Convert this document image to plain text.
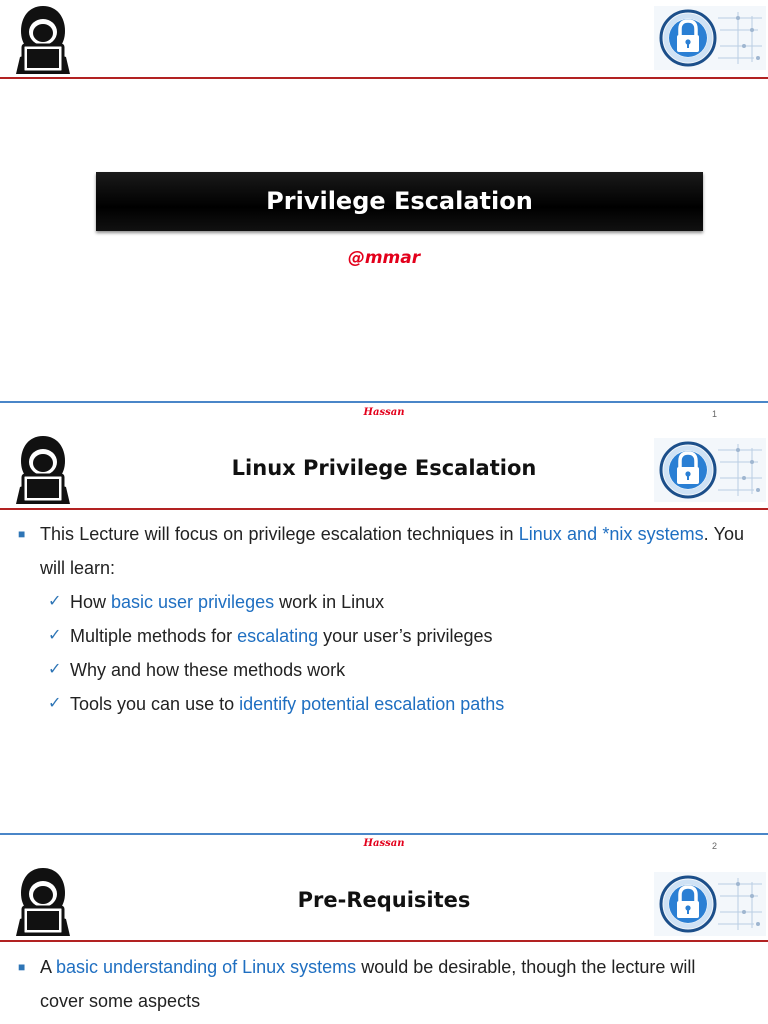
Privilege Escalation
@mmar
Hassan	1
Linux Privilege Escalation
■ This Lecture will focus on privilege escalation techniques in Linux and *nix systems. You will learn:
✓ How basic user privileges work in Linux
✓ Multiple methods for escalating your user’s privileges
✓ Why and how these methods work
✓ Tools you can use to identify potential escalation paths
Hassan	2
Pre-Requisites
■ A basic understanding of Linux systems would be desirable, though the lecture will cover some aspects
